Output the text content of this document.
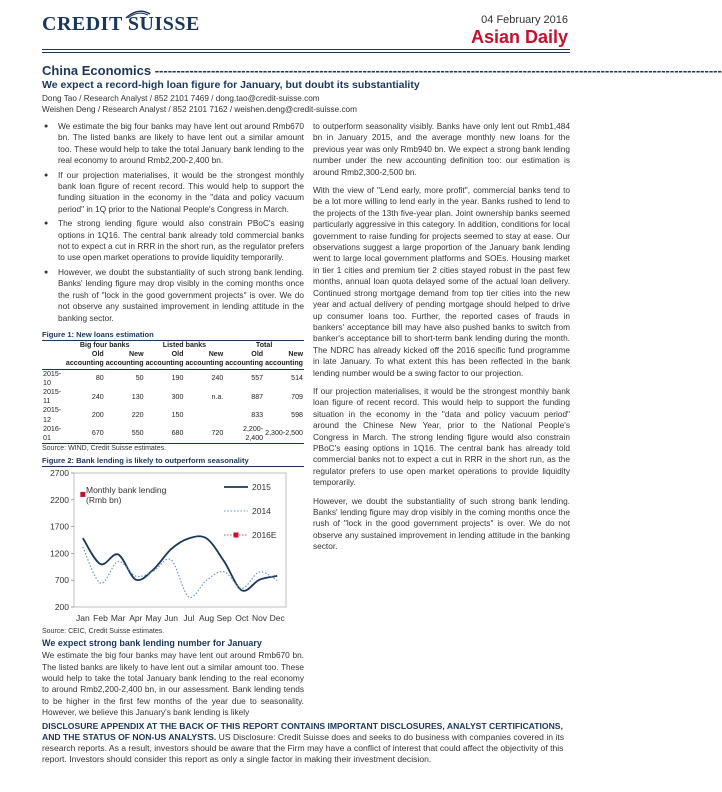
CREDIT SUISSE	04 February 2016
Asian Daily
China Economics -----------------------------------------------------------------------------------------------------------------------------------
We expect a record-high loan figure for January, but doubt its substantiality
Dong Tao / Research Analyst / 852 2101 7469 / dong.tao@credit-suisse.com
Weishen Deng / Research Analyst / 852 2101 7162 / weishen.deng@credit-suisse.com
● We estimate the big four banks may have lent out around Rmb670 bn. The listed banks are likely to have lent out a similar amount too. These would help to take the total January bank lending to the real economy to around Rmb2,200-2,400 bn.
● If our projection materialises, it would be the strongest monthly bank loan figure of recent record. This would help to support the funding situation in the economy in the "data and policy vacuum period" in 1Q prior to the National People's Congress in March.
● The strong lending figure would also constrain PBoC's easing options in 1Q16. The central bank already told commercial banks not to expect a cut in RRR in the short run, as the regulator prefers to use open market operations to provide liquidity temporarily.
● However, we doubt the substantiality of such strong bank lending. Banks' lending figure may drop visibly in the coming months once the rush of "lock in the good government projects" is over. We do not observe any sustained improvement in lending attitude in the banking sector.
Figure 1: New loans estimation
	Big four banks		Listed banks		Total	
	Old	New	Old	New	Old	New
	accounting	accounting	accounting	accounting	accounting	accounting
2015-10	80	50	190	240	557	514
2015-11	240	130	300	n.a.	887	709
2015-12	200	220	150		833	598
2016-01	670	550	680	720	2,200-2,400	2,300-2,500
Source: WIND, Credit Suisse estimates.
Figure 2: Bank lending is likely to outperform seasonality
200
700
1200
1700
2200
2700
Jan Feb Mar Apr May Jun Jul Aug Sep Oct Nov Dec
Monthly bank lending
(Rmb bn)
2015
2014
2016E
Source: CEIC, Credit Suisse estimates.
We expect strong bank lending number for January

We estimate the big four banks may have lent out around Rmb670 bn. The listed banks are likely to have lent out a similar amount too. These would help to take the total January bank lending to the real economy to around Rmb2,200-2,400 bn, in our assessment. Bank lending tends to be higher in the first few months of the year due to seasonality. However, we believe this January's bank lending is likely

to outperform seasonality visibly. Banks have only lent out Rmb1,484 bn in January 2015, and the average monthly new loans for the previous year was only Rmb940 bn. We expect a strong bank lending number under the new accounting definition too: our estimation is around Rmb2,300-2,500 bn.

With the view of "Lend early, more profit", commercial banks tend to be a lot more willing to lend early in the year. Banks rushed to lend to the projects of the 13th five-year plan. Joint ownership banks seemed particularly aggressive in this category. In addition, conditions for local government to raise funding for projects seemed to stay at ease. Our observations suggest a large proportion of the January bank lending went to large local government platforms and SOEs. Housing market in tier 1 cities and premium tier 2 cities stayed robust in the past few months, annual loan quota delayed some of the actual loan delivery. Continued strong mortgage demand from top tier cities into the new year and actual delivery of pending mortgage should helped to drive up consumer loans too. Further, the reported cases of frauds in bankers' acceptance bill may have also pushed banks to switch from banker's acceptance bill to short-term bank lending during the month. The NDRC has already kicked off the 2016 specific fund programme in late January. To what extent this has been reflected in the bank lending number would be a swing factor to our projection.

If our projection materialises, it would be the strongest monthly bank loan figure of recent record. This would help to support the funding situation in the economy in the "data and policy vacuum period" around the Chinese New Year, prior to the National People's Congress in March. The strong lending figure would also constrain PBoC's easing options in 1Q16. The central bank has already told commercial banks not to expect a cut in RRR in the short run, as the regulator prefers to use open market operations to provide liquidity temporarily.

However, we doubt the substantiality of such strong bank lending. Banks' lending figure may drop visibly in the coming months once the rush of "lock in the good government projects" is over. We do not observe any sustained improvement in lending attitude in the banking sector.

DISCLOSURE APPENDIX AT THE BACK OF THIS REPORT CONTAINS IMPORTANT DISCLOSURES, ANALYST CERTIFICATIONS, AND THE STATUS OF NON-US ANALYSTS. US Disclosure: Credit Suisse does and seeks to do business with companies covered in its research reports. As a result, investors should be aware that the Firm may have a conflict of interest that could affect the objectivity of this report. Investors should consider this report as only a single factor in making their investment decision.
